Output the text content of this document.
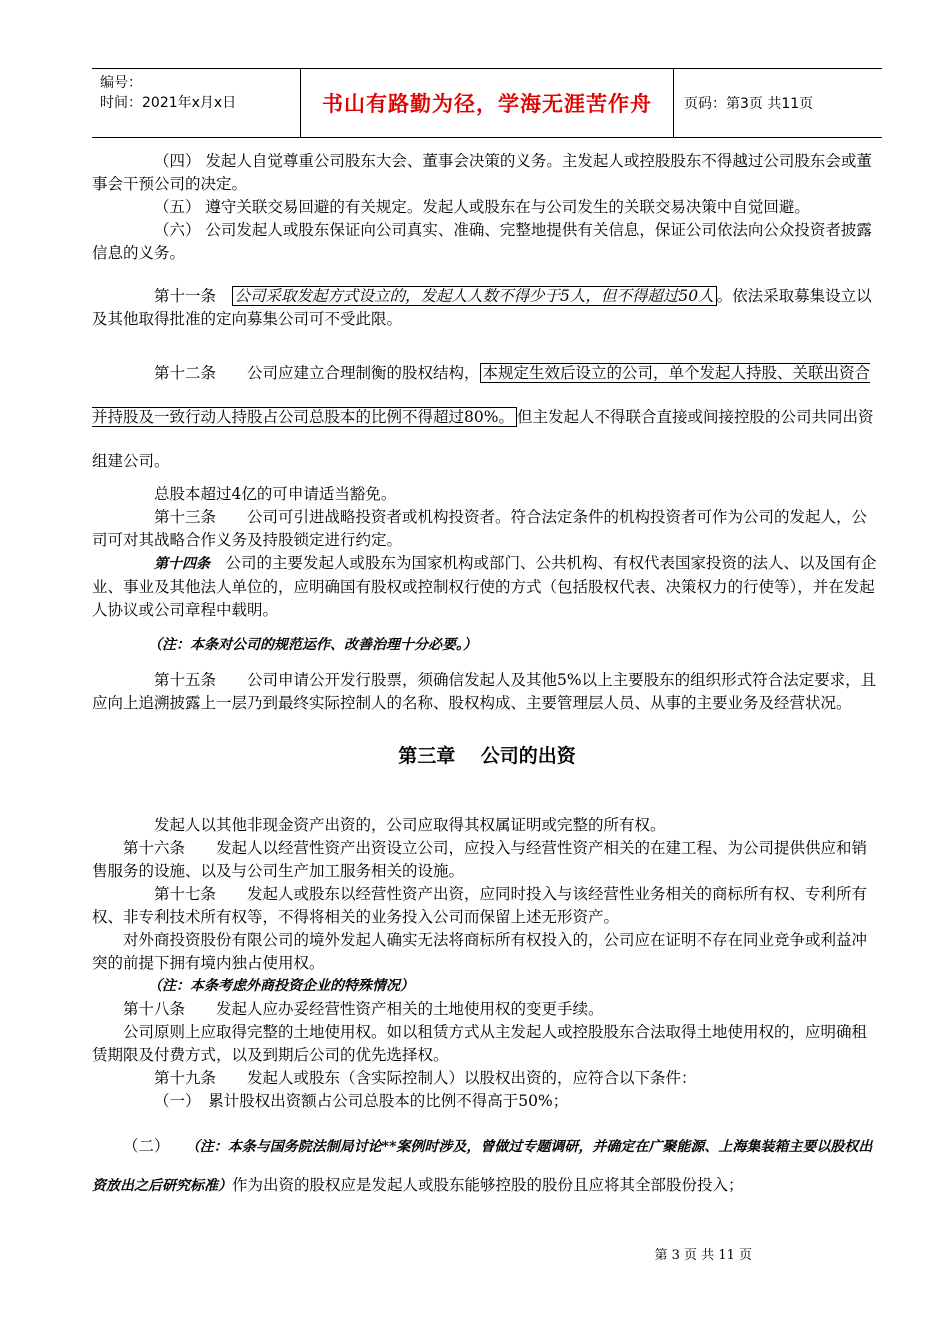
编号：
时间：2021年x月x日	书山有路勤为径，学海无涯苦作舟	页码：第3页 共11页

（四） 发起人自觉尊重公司股东大会、董事会决策的义务。主发起人或控股股东不得越过公司股东会或董事会干预公司的决定。

（五） 遵守关联交易回避的有关规定。发起人或股东在与公司发生的关联交易决策中自觉回避。

（六） 公司发起人或股东保证向公司真实、准确、完整地提供有关信息，保证公司依法向公众投资者披露信息的义务。

第十一条　 公司采取发起方式设立的，发起人人数不得少于5人，但不得超过50人 。依法采取募集设立以及其他取得批准的定向募集公司可不受此限。

第十二条　　 公司应建立合理制衡的股权结构， 本规定生效后设立的公司，单个发起人持股、关联出资合并持股及一致行动人持股占公司总股本的比例不得超过80%。 但主发起人不得联合直接或间接控股的公司共同出资组建公司。

总股本超过4亿的可申请适当豁免。

第十三条　　公司可引进战略投资者或机构投资者。符合法定条件的机构投资者可作为公司的发起人，公司可对其战略合作义务及持股锁定进行约定。

第十四条　 公司的主要发起人或股东为国家机构或部门、公共机构、有权代表国家投资的法人、以及国有企业、事业及其他法人单位的，应明确国有股权或控制权行使的方式（包括股权代表、决策权力的行使等），并在发起人协议或公司章程中载明。

（注：本条对公司的规范运作、改善治理十分必要。）

第十五条　　公司申请公开发行股票，须确信发起人及其他5%以上主要股东的组织形式符合法定要求，且应向上追溯披露上一层乃到最终实际控制人的名称、股权构成、主要管理层人员、从事的主要业务及经营状况。

第三章　 公司的出资

发起人以其他非现金资产出资的，公司应取得其权属证明或完整的所有权。

第十六条　　发起人以经营性资产出资设立公司，应投入与经营性资产相关的在建工程、为公司提供供应和销售服务的设施、以及与公司生产加工服务相关的设施。

第十七条　　发起人或股东以经营性资产出资，应同时投入与该经营性业务相关的商标所有权、专利所有权、非专利技术所有权等，不得将相关的业务投入公司而保留上述无形资产。

对外商投资股份有限公司的境外发起人确实无法将商标所有权投入的，公司应在证明不存在同业竞争或利益冲突的前提下拥有境内独占使用权。

（注：本条考虑外商投资企业的特殊情况）

第十八条　　发起人应办妥经营性资产相关的土地使用权的变更手续。

公司原则上应取得完整的土地使用权。如以租赁方式从主发起人或控股股东合法取得土地使用权的，应明确租赁期限及付费方式，以及到期后公司的优先选择权。

第十九条　　发起人或股东（含实际控制人）以股权出资的，应符合以下条件：

（一）　累计股权出资额占公司总股本的比例不得高于50%；

（二）　　 （注：本条与国务院法制局讨论**案例时涉及，曾做过专题调研，并确定在广聚能源、上海集装箱主要以股权出资放出之后研究标准）作为出资的股权应是发起人或股东能够控股的股份且应将其全部股份投入；

第 3 页 共 11 页
